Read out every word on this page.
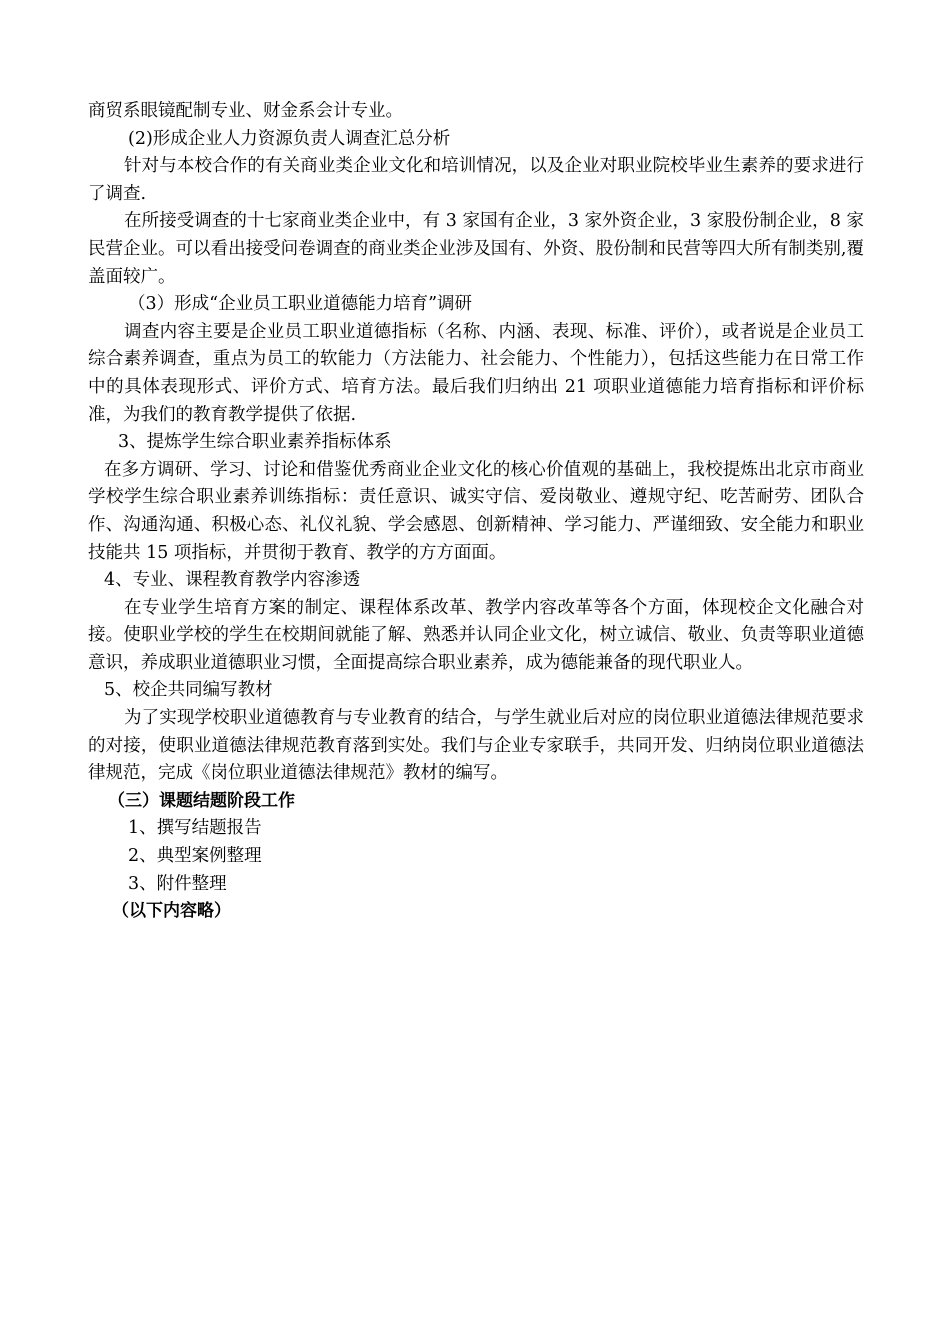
商贸系眼镜配制专业、财金系会计专业。

(2)形成企业人力资源负责人调查汇总分析

针对与本校合作的有关商业类企业文化和培训情况，以及企业对职业院校毕业生素养的要求进行了调查.

在所接受调查的十七家商业类企业中，有 3 家国有企业，3 家外资企业，3 家股份制企业，8 家民营企业。可以看出接受问卷调查的商业类企业涉及国有、外资、股份制和民营等四大所有制类别,覆盖面较广。

（3）形成“企业员工职业道德能力培育”调研

调查内容主要是企业员工职业道德指标（名称、内涵、表现、标准、评价），或者说是企业员工综合素养调查，重点为员工的软能力（方法能力、社会能力、个性能力），包括这些能力在日常工作中的具体表现形式、评价方式、培育方法。最后我们归纳出 21 项职业道德能力培育指标和评价标准，为我们的教育教学提供了依据.

3、提炼学生综合职业素养指标体系

在多方调研、学习、讨论和借鉴优秀商业企业文化的核心价值观的基础上，我校提炼出北京市商业学校学生综合职业素养训练指标：责任意识、诚实守信、爱岗敬业、遵规守纪、吃苦耐劳、团队合作、沟通沟通、积极心态、礼仪礼貌、学会感恩、创新精神、学习能力、严谨细致、安全能力和职业技能共 15 项指标，并贯彻于教育、教学的方方面面。

4、专业、课程教育教学内容渗透

在专业学生培育方案的制定、课程体系改革、教学内容改革等各个方面，体现校企文化融合对接。使职业学校的学生在校期间就能了解、熟悉并认同企业文化，树立诚信、敬业、负责等职业道德意识，养成职业道德职业习惯，全面提高综合职业素养，成为德能兼备的现代职业人。

5、校企共同编写教材

为了实现学校职业道德教育与专业教育的结合，与学生就业后对应的岗位职业道德法律规范要求的对接，使职业道德法律规范教育落到实处。我们与企业专家联手，共同开发、归纳岗位职业道德法律规范，完成《岗位职业道德法律规范》教材的编写。

（三）课题结题阶段工作

1、撰写结题报告

2、典型案例整理

3、附件整理

（以下内容略）
